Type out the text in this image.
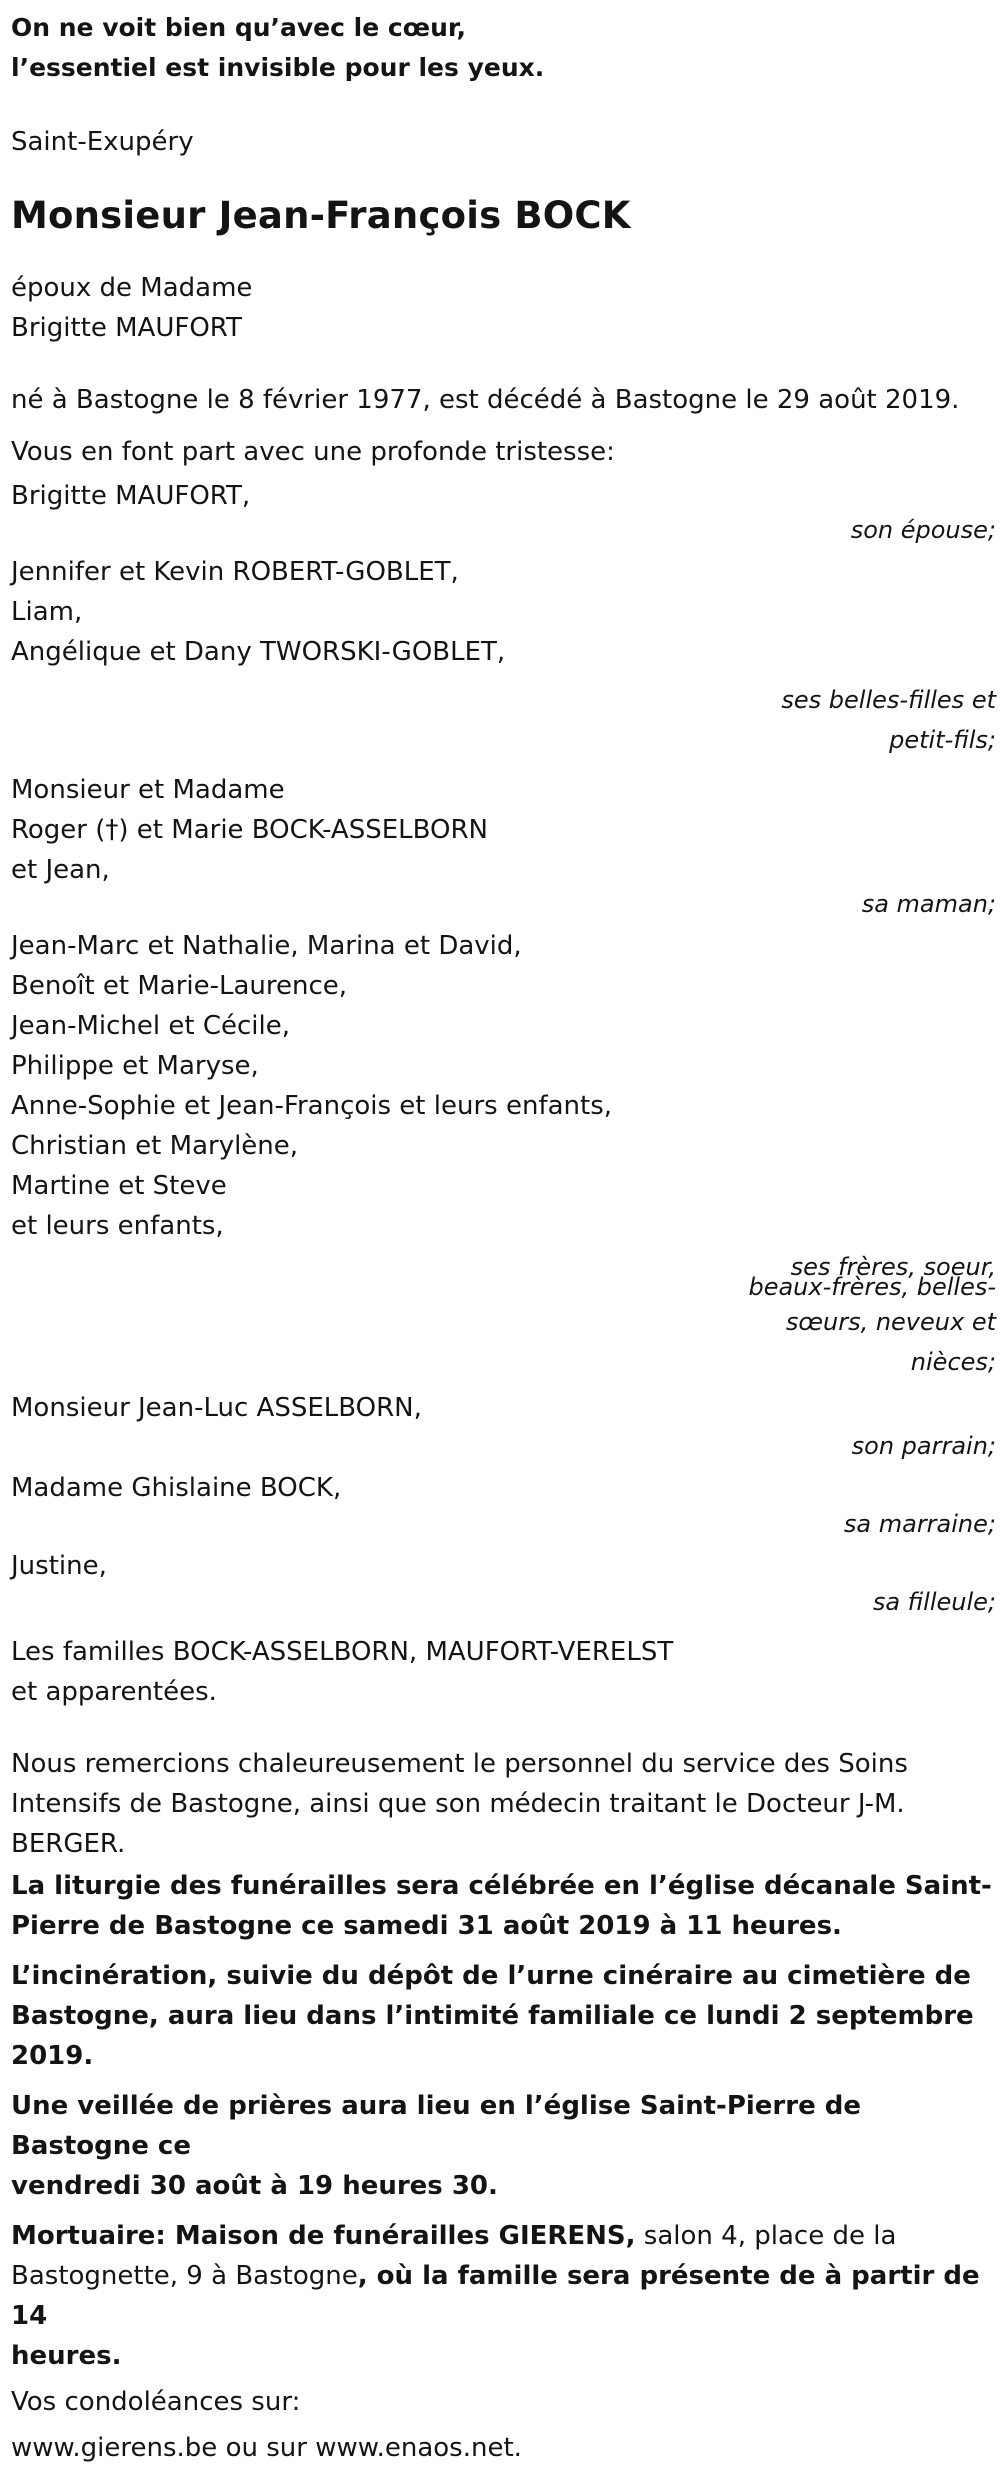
On ne voit bien qu’avec le cœur,
l’essentiel est invisible pour les yeux.
Saint-Exupéry
Monsieur Jean-François BOCK
époux de Madame
Brigitte MAUFORT
né à Bastogne le 8 février 1977, est décédé à Bastogne le 29 août 2019.
Vous en font part avec une profonde tristesse:
Brigitte MAUFORT,
son épouse;
Jennifer et Kevin ROBERT-GOBLET,
Liam,
Angélique et Dany TWORSKI-GOBLET,
ses belles-filles et
petit-fils;
Monsieur et Madame
Roger (†) et Marie BOCK-ASSELBORN
et Jean,
sa maman;
Jean-Marc et Nathalie, Marina et David,
Benoît et Marie-Laurence,
Jean-Michel et Cécile,
Philippe et Maryse,
Anne-Sophie et Jean-François et leurs enfants,
Christian et Marylène,
Martine et Steve
et leurs enfants,
ses frères, soeur,
beaux-frères, belles-
sœurs, neveux et
nièces;
Monsieur Jean-Luc ASSELBORN,
son parrain;
Madame Ghislaine BOCK,
sa marraine;
Justine,
sa filleule;
Les familles BOCK-ASSELBORN, MAUFORT-VERELST
et apparentées.
Nous remercions chaleureusement le personnel du service des Soins
Intensifs de Bastogne, ainsi que son médecin traitant le Docteur J-M.
BERGER.
La liturgie des funérailles sera célébrée en l’église décanale Saint-
Pierre de Bastogne ce samedi 31 août 2019 à 11 heures.
L’incinération, suivie du dépôt de l’urne cinéraire au cimetière de
Bastogne, aura lieu dans l’intimité familiale ce lundi 2 septembre
2019.
Une veillée de prières aura lieu en l’église Saint-Pierre de Bastogne ce
vendredi 30 août à 19 heures 30.
Mortuaire: Maison de funérailles GIERENS, salon 4, place de la
Bastognette, 9 à Bastogne, où la famille sera présente de à partir de 14
heures.
Vos condoléances sur:
www.gierens.be ou sur www.enaos.net.
